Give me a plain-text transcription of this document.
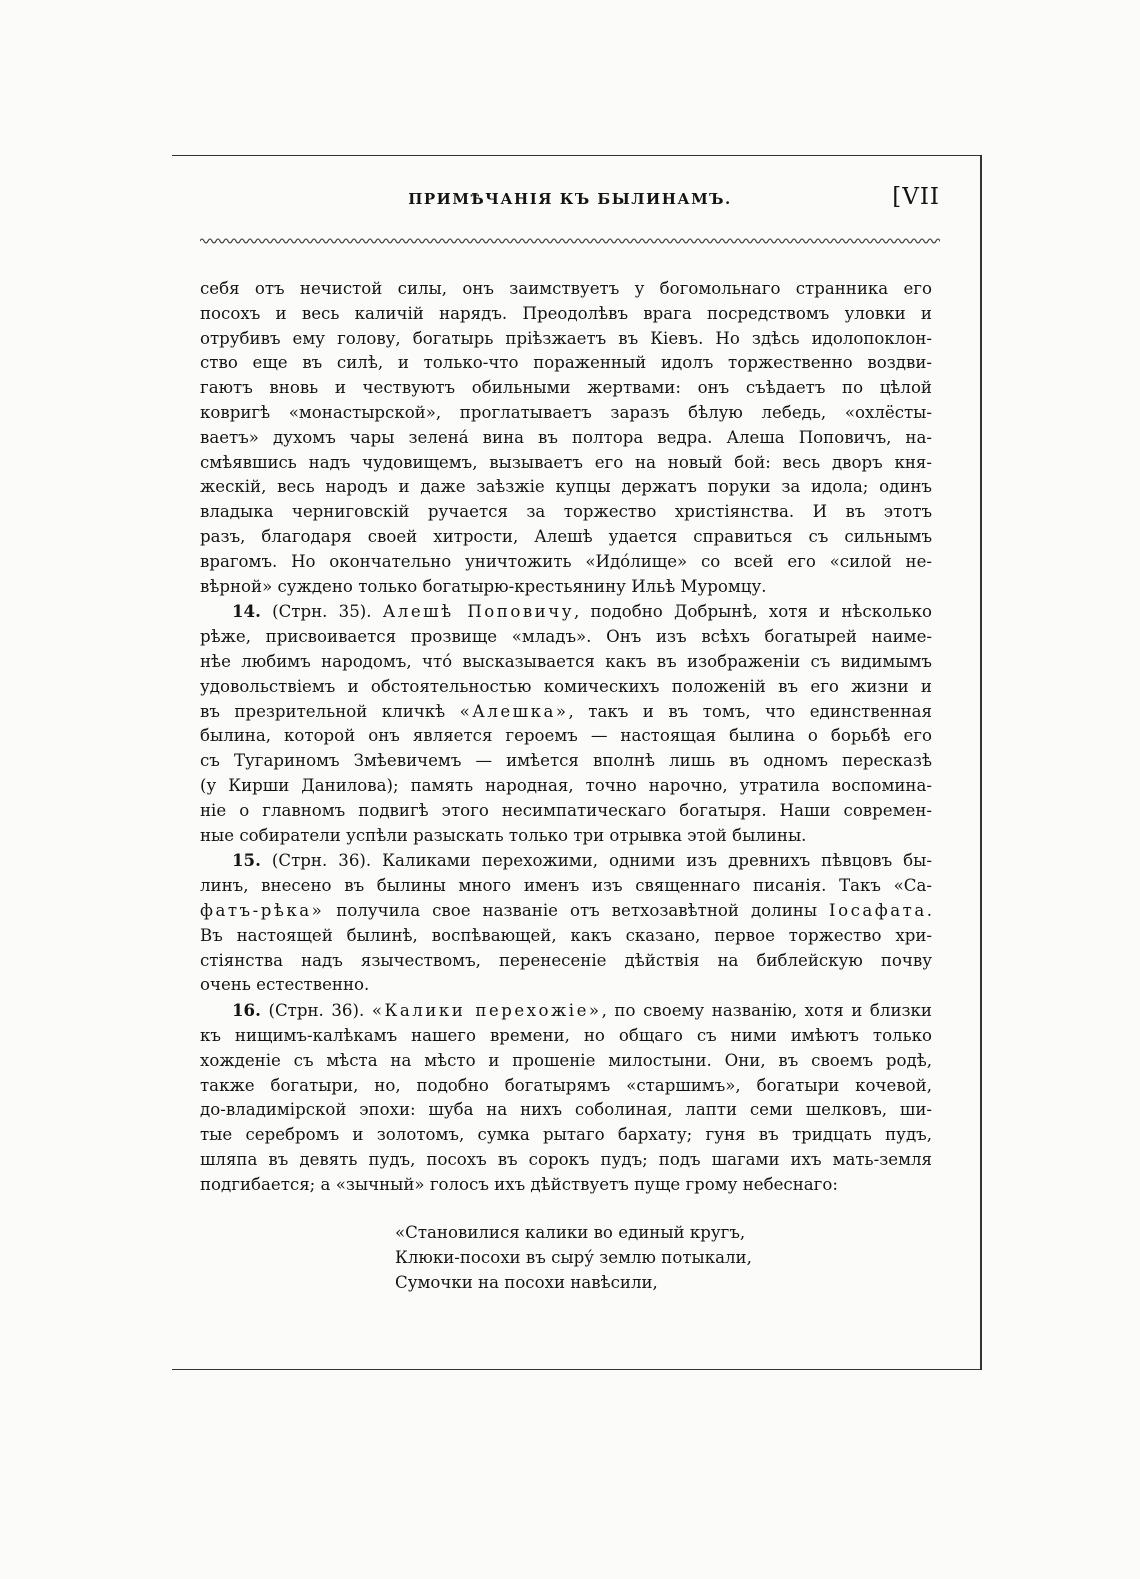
ПРИМѢЧАНІЯ КЪ БЫЛИНАМЪ.	[VII

себя отъ нечистой силы, онъ заимствуетъ у богомольнаго странника его
посохъ и весь каличій нарядъ. Преодолѣвъ врага посредствомъ уловки и
отрубивъ ему голову, богатырь пріѣзжаетъ въ Кіевъ. Но здѣсь идолопоклон-
ство еще въ силѣ, и только-что пораженный идолъ торжественно воздви-
гаютъ вновь и чествуютъ обильными жертвами: онъ съѣдаетъ по цѣлой
ковригѣ «монастырской», проглатываетъ заразъ бѣлую лебедь, «охлёсты-
ваетъ» духомъ чары зелена́ вина въ полтора ведра. Алеша Поповичъ, на-
смѣявшись надъ чудовищемъ, вызываетъ его на новый бой: весь дворъ кня-
жескій, весь народъ и даже заѣзжіе купцы держатъ поруки за идола; одинъ
владыка черниговскій ручается за торжество христіянства. И въ этотъ
разъ, благодаря своей хитрости, Алешѣ удается справиться съ сильнымъ
врагомъ. Но окончательно уничтожить «Идо́лище» со всей его «силой не-
вѣрной» суждено только богатырю-крестьянину Ильѣ Муромцу.

14. (Стрн. 35). Алешѣ Поповичу, подобно Добрынѣ, хотя и нѣсколько
рѣже, присвоивается прозвище «младъ». Онъ изъ всѣхъ богатырей наиме-
нѣе любимъ народомъ, что́ высказывается какъ въ изображеніи съ видимымъ
удовольствіемъ и обстоятельностью комическихъ положеній въ его жизни и
въ презрительной кличкѣ «Алешка», такъ и въ томъ, что единственная
былина, которой онъ является героемъ — настоящая былина о борьбѣ его
съ Тугариномъ Змѣевичемъ — имѣется вполнѣ лишь въ одномъ пересказѣ
(у Кирши Данилова); память народная, точно нарочно, утратила воспомина-
ніе о главномъ подвигѣ этого несимпатическаго богатыря. Наши современ-
ные собиратели успѣли разыскать только три отрывка этой былины.

15. (Стрн. 36). Каликами перехожими, одними изъ древнихъ пѣвцовъ бы-
линъ, внесено въ былины много именъ изъ священнаго писанія. Такъ «Са-
фатъ-рѣка» получила свое названіе отъ ветхозавѣтной долины Іосафата.
Въ настоящей былинѣ, воспѣвающей, какъ сказано, первое торжество хри-
стіянства надъ язычествомъ, перенесеніе дѣйствія на библейскую почву
очень естественно.

16. (Стрн. 36). «Калики перехожіе», по своему названію, хотя и близки
къ нищимъ-калѣкамъ нашего времени, но общаго съ ними имѣютъ только
хожденіе съ мѣста на мѣсто и прошеніе милостыни. Они, въ своемъ родѣ,
также богатыри, но, подобно богатырямъ «старшимъ», богатыри кочевой,
до-владимірской эпохи: шуба на нихъ соболиная, лапти семи шелковъ, ши-
тые серебромъ и золотомъ, сумка рытаго бархату; гуня въ тридцать пудъ,
шляпа въ девять пудъ, посохъ въ сорокъ пудъ; подъ шагами ихъ мать-земля
подгибается; а «зычный» голосъ ихъ дѣйствуетъ пуще грому небеснаго:

«Становилися калики во единый кругъ,
Клюки-посохи въ сыру́ землю потыкали,
Сумочки на посохи навѣсили,
